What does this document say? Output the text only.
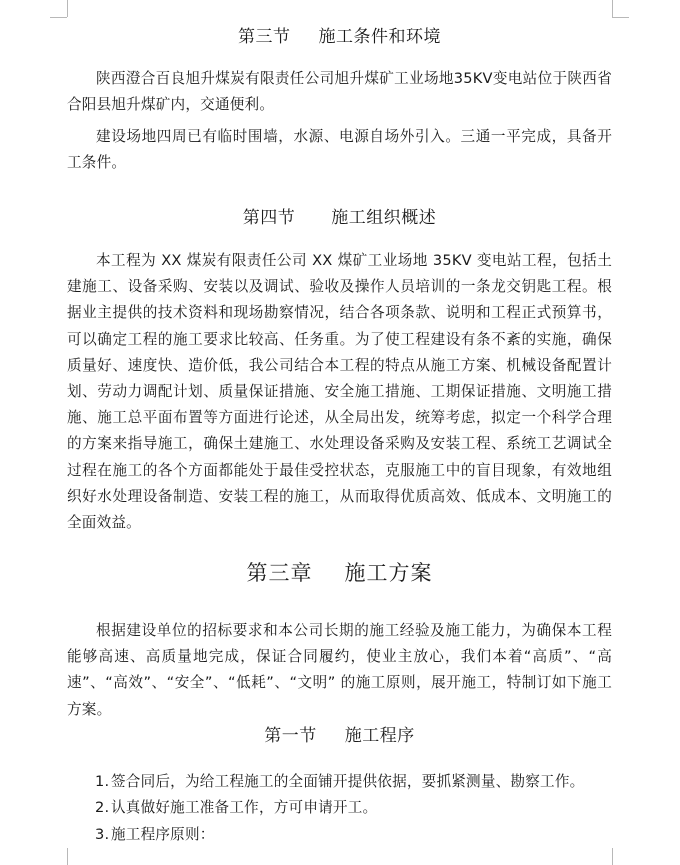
第三节 施工条件和环境

陕西澄合百良旭升煤炭有限责任公司旭升煤矿工业场地35KV变电站位于陕西省合阳县旭升煤矿内，交通便利。

建设场地四周已有临时围墙，水源、电源自场外引入。三通一平完成，具备开工条件。

第四节 施工组织概述

本工程为 XX 煤炭有限责任公司 XX 煤矿工业场地 35KV 变电站工程，包括土建施工、设备采购、安装以及调试、验收及操作人员培训的一条龙交钥匙工程。根据业主提供的技术资料和现场勘察情况，结合各项条款、说明和工程正式预算书，可以确定工程的施工要求比较高、任务重。为了使工程建设有条不紊的实施，确保质量好、速度快、造价低，我公司结合本工程的特点从施工方案、机械设备配置计划、劳动力调配计划、质量保证措施、安全施工措施、工期保证措施、文明施工措施、施工总平面布置等方面进行论述，从全局出发，统筹考虑，拟定一个科学合理的方案来指导施工，确保土建施工、水处理设备采购及安装工程、系统工艺调试全过程在施工的各个方面都能处于最佳受控状态，克服施工中的盲目现象，有效地组织好水处理设备制造、安装工程的施工，从而取得优质高效、低成本、文明施工的全面效益。

第三章 施工方案

根据建设单位的招标要求和本公司长期的施工经验及施工能力，为确保本工程能够高速、高质量地完成，保证合同履约，使业主放心，我们本着“高质”、“高速”、“高效”、“安全”、“低耗”、“文明” 的施工原则，展开施工，特制订如下施工方案。

第一节 施工程序
1. 签合同后，为给工程施工的全面铺开提供依据，要抓紧测量、勘察工作。
2. 认真做好施工准备工作，方可申请开工。
3. 施工程序原则：
